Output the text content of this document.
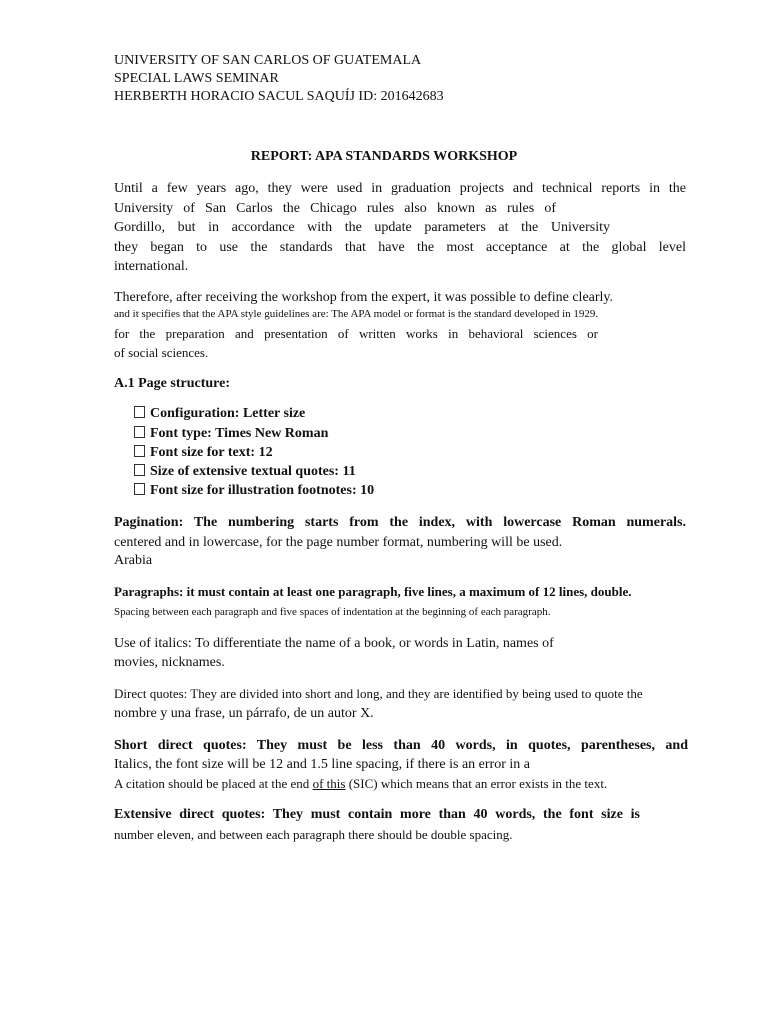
UNIVERSITY OF SAN CARLOS OF GUATEMALA
SPECIAL LAWS SEMINAR
HERBERTH HORACIO SACUL SAQUÍJ ID: 201642683
REPORT: APA STANDARDS WORKSHOP
Until a few years ago, they were used in graduation projects and technical reports in the
University of San Carlos the Chicago rules also known as rules of
Gordillo, but in accordance with the update parameters at the University
they began to use the standards that have the most acceptance at the global level
international.
Therefore, after receiving the workshop from the expert, it was possible to define clearly.
and it specifies that the APA style guidelines are: The APA model or format is the standard developed in 1929.
for the preparation and presentation of written works in behavioral sciences or
of social sciences.
A.1 Page structure:
Configuration: Letter size
Font type: Times New Roman
Font size for text: 12
Size of extensive textual quotes: 11
Font size for illustration footnotes: 10
Pagination: The numbering starts from the index, with lowercase Roman numerals.
centered and in lowercase, for the page number format, numbering will be used.
Arabia
Paragraphs: it must contain at least one paragraph, five lines, a maximum of 12 lines, double.
Spacing between each paragraph and five spaces of indentation at the beginning of each paragraph.
Use of italics: To differentiate the name of a book, or words in Latin, names of
movies, nicknames.
Direct quotes: They are divided into short and long, and they are identified by being used to quote the
nombre y una frase, un párrafo, de un autor X.
Short direct quotes: They must be less than 40 words, in quotes, parentheses, and
Italics, the font size will be 12 and 1.5 line spacing, if there is an error in a
A citation should be placed at the end of this (SIC) which means that an error exists in the text.
Extensive direct quotes: They must contain more than 40 words, the font size is
number eleven, and between each paragraph there should be double spacing.
